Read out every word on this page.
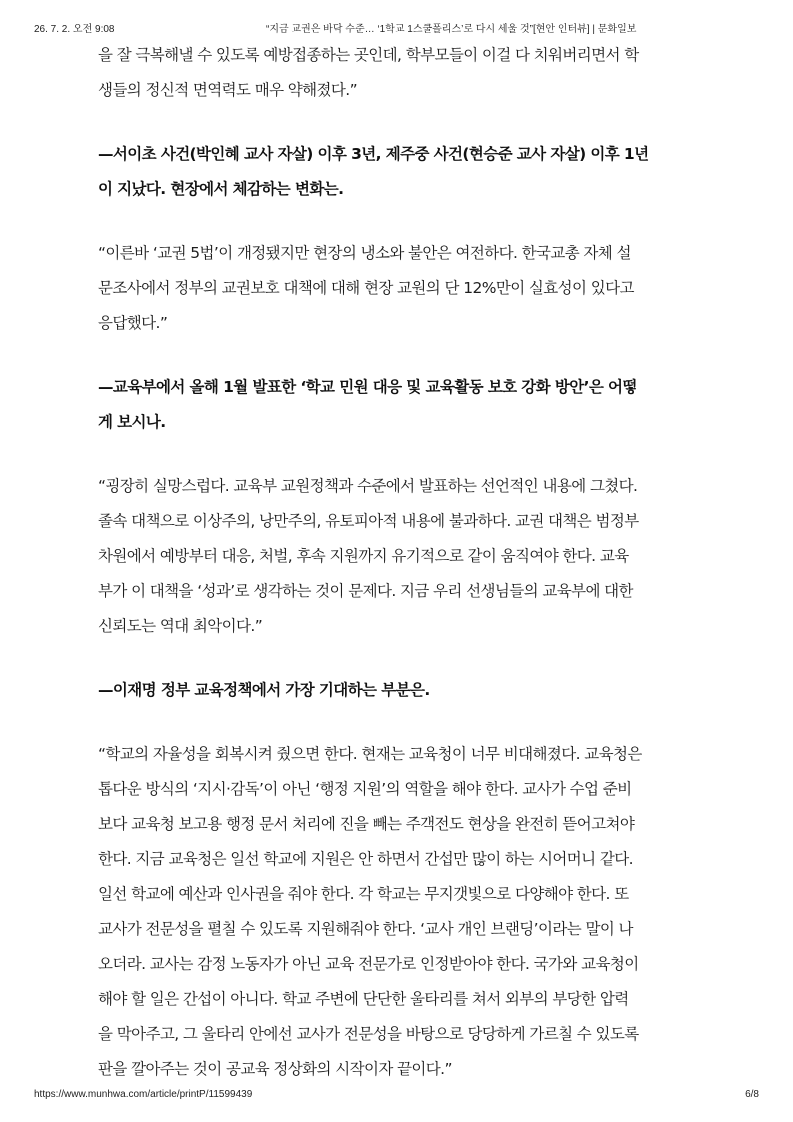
26. 7. 2. 오전 9:08	“지금 교권은 바닥 수준… ‘1학교 1스쿨폴리스’로 다시 세울 것”[현안 인터뷰] | 문화일보

을 잘 극복해낼 수 있도록 예방접종하는 곳인데, 학부모들이 이걸 다 치워버리면서 학
생들의 정신적 면역력도 매우 약해졌다.”

—서이초 사건(박인혜 교사 자살) 이후 3년, 제주중 사건(현승준 교사 자살) 이후 1년
이 지났다. 현장에서 체감하는 변화는.

“이른바 ‘교권 5법’이 개정됐지만 현장의 냉소와 불안은 여전하다. 한국교총 자체 설
문조사에서 정부의 교권보호 대책에 대해 현장 교원의 단 12%만이 실효성이 있다고
응답했다.”

—교육부에서 올해 1월 발표한 ‘학교 민원 대응 및 교육활동 보호 강화 방안’은 어떻
게 보시나.

“굉장히 실망스럽다. 교육부 교원정책과 수준에서 발표하는 선언적인 내용에 그쳤다.
졸속 대책으로 이상주의, 낭만주의, 유토피아적 내용에 불과하다. 교권 대책은 범정부
차원에서 예방부터 대응, 처벌, 후속 지원까지 유기적으로 같이 움직여야 한다. 교육
부가 이 대책을 ‘성과’로 생각하는 것이 문제다. 지금 우리 선생님들의 교육부에 대한
신뢰도는 역대 최악이다.”

—이재명 정부 교육정책에서 가장 기대하는 부분은.

“학교의 자율성을 회복시켜 줬으면 한다. 현재는 교육청이 너무 비대해졌다. 교육청은
톱다운 방식의 ‘지시·감독’이 아닌 ‘행정 지원’의 역할을 해야 한다. 교사가 수업 준비
보다 교육청 보고용 행정 문서 처리에 진을 빼는 주객전도 현상을 완전히 뜯어고쳐야
한다. 지금 교육청은 일선 학교에 지원은 안 하면서 간섭만 많이 하는 시어머니 같다.
일선 학교에 예산과 인사권을 줘야 한다. 각 학교는 무지갯빛으로 다양해야 한다. 또
교사가 전문성을 펼칠 수 있도록 지원해줘야 한다. ‘교사 개인 브랜딩’이라는 말이 나
오더라. 교사는 감정 노동자가 아닌 교육 전문가로 인정받아야 한다. 국가와 교육청이
해야 할 일은 간섭이 아니다. 학교 주변에 단단한 울타리를 쳐서 외부의 부당한 압력
을 막아주고, 그 울타리 안에선 교사가 전문성을 바탕으로 당당하게 가르칠 수 있도록
판을 깔아주는 것이 공교육 정상화의 시작이자 끝이다.”

https://www.munhwa.com/article/printP/11599439	6/8
